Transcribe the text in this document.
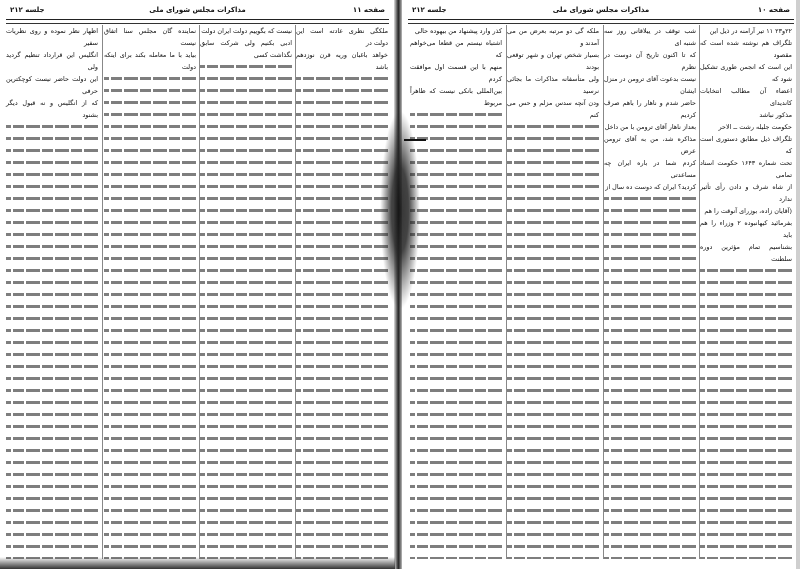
صفحه ۱۱
مذاکرات مجلس شورای ملی
جلسه ۲۱۲
ملکگی نظری عادته است این دولت در
خواهد باغبان وریه قرن نوزدهم باشد
نیست که بگوییم دولت ایران دولت
ادبی بکنیم ولی شرکت سابق نگذاشت کسی
نماینده گان مجلس سنا اتفاق نیست
بیاید با ما معامله بکند برای اینکه دولت
اظهار نظر نموده و روی نظریات سفیر
انگلیس این قرارداد تنظیم گردید ولی
این دولت حاضر نیست کوچکترین حرفی
که از انگلیس و نه قبول دیگر بشنود
صفحه ۱۰
مذاکرات مجلس شورای ملی
جلسه ۲۱۲
۲۲و۲۳ ۱۱ تیر آرامنه در ذیل این
تلگراف هم نوشته شده است که مقصود
این است که انجمن طوری تشکیل شود که
اعضاء آن مطالب انتخابات کاندیدای
مذکور نباشد
حکومت جلیله رشت ــ الاحر
تلگراف ذیل مطابق دستوری است که
تحت شماره ۱۶۴۳ حکومت اسناد تمامی
از شاه شرف و دادن رأی تأثیر ندارد
(آقایان زاده، بوزرای آنوقت را هم
بفرمائید کیهانبوده ۲ وزراء را هم باید
بشناسیم تمام مؤثرین دوره سلطنت
شب توقف در ییلاقانی روز سه شنبه ای
که تا اکنون تاریخ آن دوست در نظرم
نیست بدعوت آقای ترومن در منزل ایشان
حاضر شدم و ناهار را باهم صرف کردیم
بعداز ناهار آقای ترومن با من داخل
مذاکره شد، من به آقای ترومن عرض
کردم شما در باره ایران چه مساعدتی
کردید؟ ایران که دوست ده سال از
ملکه گی دو مرتبه بعرض من می آمدند و
بسیار شخص تهران و شهر توقعی بودند
ولی متأسفانه مذاکرات ما بجائی نرسید
ودن آنچه سدس مزلم و حس می کنم
کذر وارد پیشنهاد من بیهوده حالی
اشتباه نیستم من قطعا می‌خواهم که
منهم با این قسمت اول موافقت کردم
بین‌المللی بانکی نیست که ظاهراً مربوط
